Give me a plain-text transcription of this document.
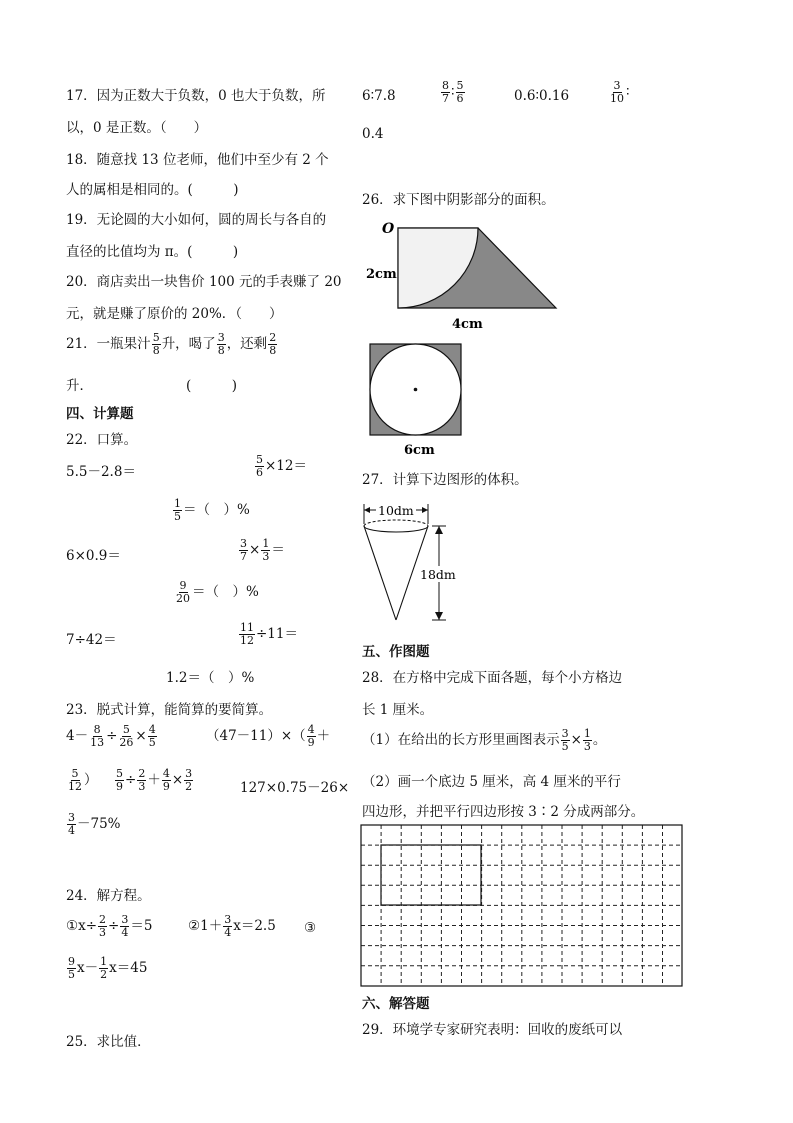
17．因为正数大于负数，0 也大于负数，所
以，0 是正数。（　　）
18．随意找 13 位老师，他们中至少有 2 个
人的属相是相同的。(　　　)
19．无论圆的大小如何，圆的周长与各自的
直径的比值均为 π。(　　　)
20．商店卖出一块售价 100 元的手表赚了 20
元，就是赚了原价的 20%．（　　）
21．一瓶果汁 $\frac{5}{8}$ 升，喝了 $\frac{3}{8}$ ，还剩 $\frac{2}{8}$
升．	(　　　)
四、计算题
22．口算。
5.5－2.8＝	$\frac{5}{6} \times 12=$
$\frac{1}{5}$ ＝（　）%
6×0.9＝	$\frac{3}{7} \times \frac{1}{3}$ ＝
$\frac{9}{20}$ ＝（　）%
7÷42＝	$\frac{11}{12} \div 11=$
1.2＝（　）%
23．脱式计算，能简算的要简算。
$4- \frac{8}{13} \div \frac{5}{26} \times \frac{4}{5}$	$(47-11)\times( \frac{4}{9}$ ＋
$\frac{5}{12}$ ） $\frac{5}{9} \div \frac{2}{3} + \frac{4}{9} \times \frac{3}{2}$	127×0.75－26×
$\frac{3}{4} -75\%$
24．解方程。
①x÷ $\frac{2}{3} \div \frac{3}{4} =5$	②1＋ $\frac{3}{4} x=2.5$ ③
$\frac{9}{5} x- \frac{1}{2} x=45$
25．求比值．
6∶7.8	$\frac{8}{7}$ ∶ $\frac{5}{6}$	0.6∶0.16	$\frac{3}{10}$ ∶
0.4
26．求下图中阴影部分的面积。
O
2cm
4cm
6cm
27．计算下边图形的体积。
10dm
18dm
五、作图题
28．在方格中完成下面各题，每个小方格边
长 1 厘米。
（1）在给出的长方形里画图表示 $\frac{3}{5} \times \frac{1}{3}$ 。
（2）画一个底边 5 厘米，高 4 厘米的平行
四边形，并把平行四边形按 3∶2 分成两部分。
六、解答题
29．环境学专家研究表明：回收的废纸可以
